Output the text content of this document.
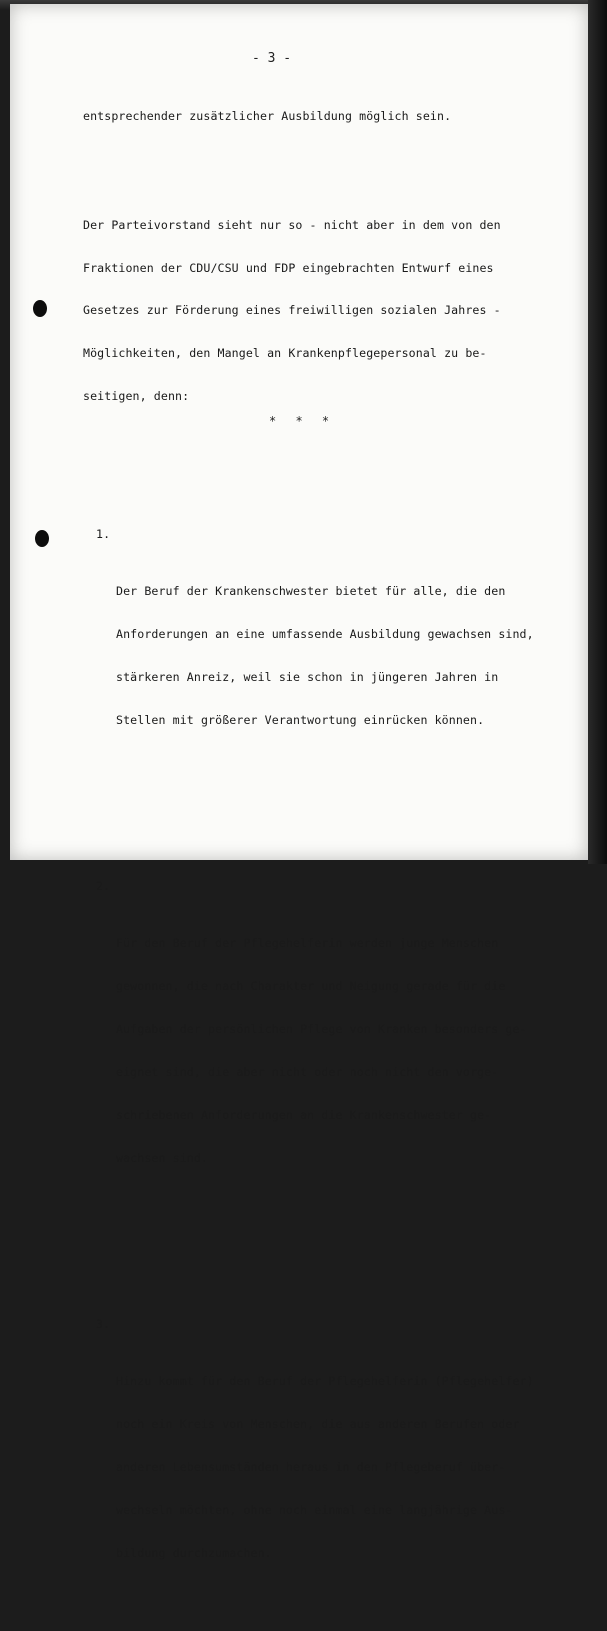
- 3 -

entsprechender zusätzlicher Ausbildung möglich sein.

Der Parteivorstand sieht nur so - nicht aber in dem von den

Fraktionen der CDU/CSU und FDP eingebrachten Entwurf eines

Gesetzes zur Förderung eines freiwilligen sozialen Jahres -

Möglichkeiten, den Mangel an Krankenpflegepersonal zu be-

seitigen, denn:

1.

Der Beruf der Krankenschwester bietet für alle, die den

Anforderungen an eine umfassende Ausbildung gewachsen sind,

stärkeren Anreiz, weil sie schon in jüngeren Jahren in

Stellen mit größerer Verantwortung einrücken können.

2.

Für den Beruf der Pflegehelferin werden junge Menschen

gewonnen, die nach Charakter und Neigung gerade für die

Aufgaben der persönlichen Pflege von Kranken besonders ge-

eignet sind, die aber nicht oder noch nicht den vorge-

schriebenen Anforderungen an die Krankenschwester ge-

wachsen sind.

3.

Hinzu kommt für den Beruf der Pflegehelferin (Pflegehelfer)

noch ein Kreis von Menschen, die aus anderen Berufen oder

anderen Lebensumständen heraus in den Pflegeberuf über-

wechseln möchten, ohne noch einmal eine langjährige Aus-

bildung durchzumachen.

* * *
